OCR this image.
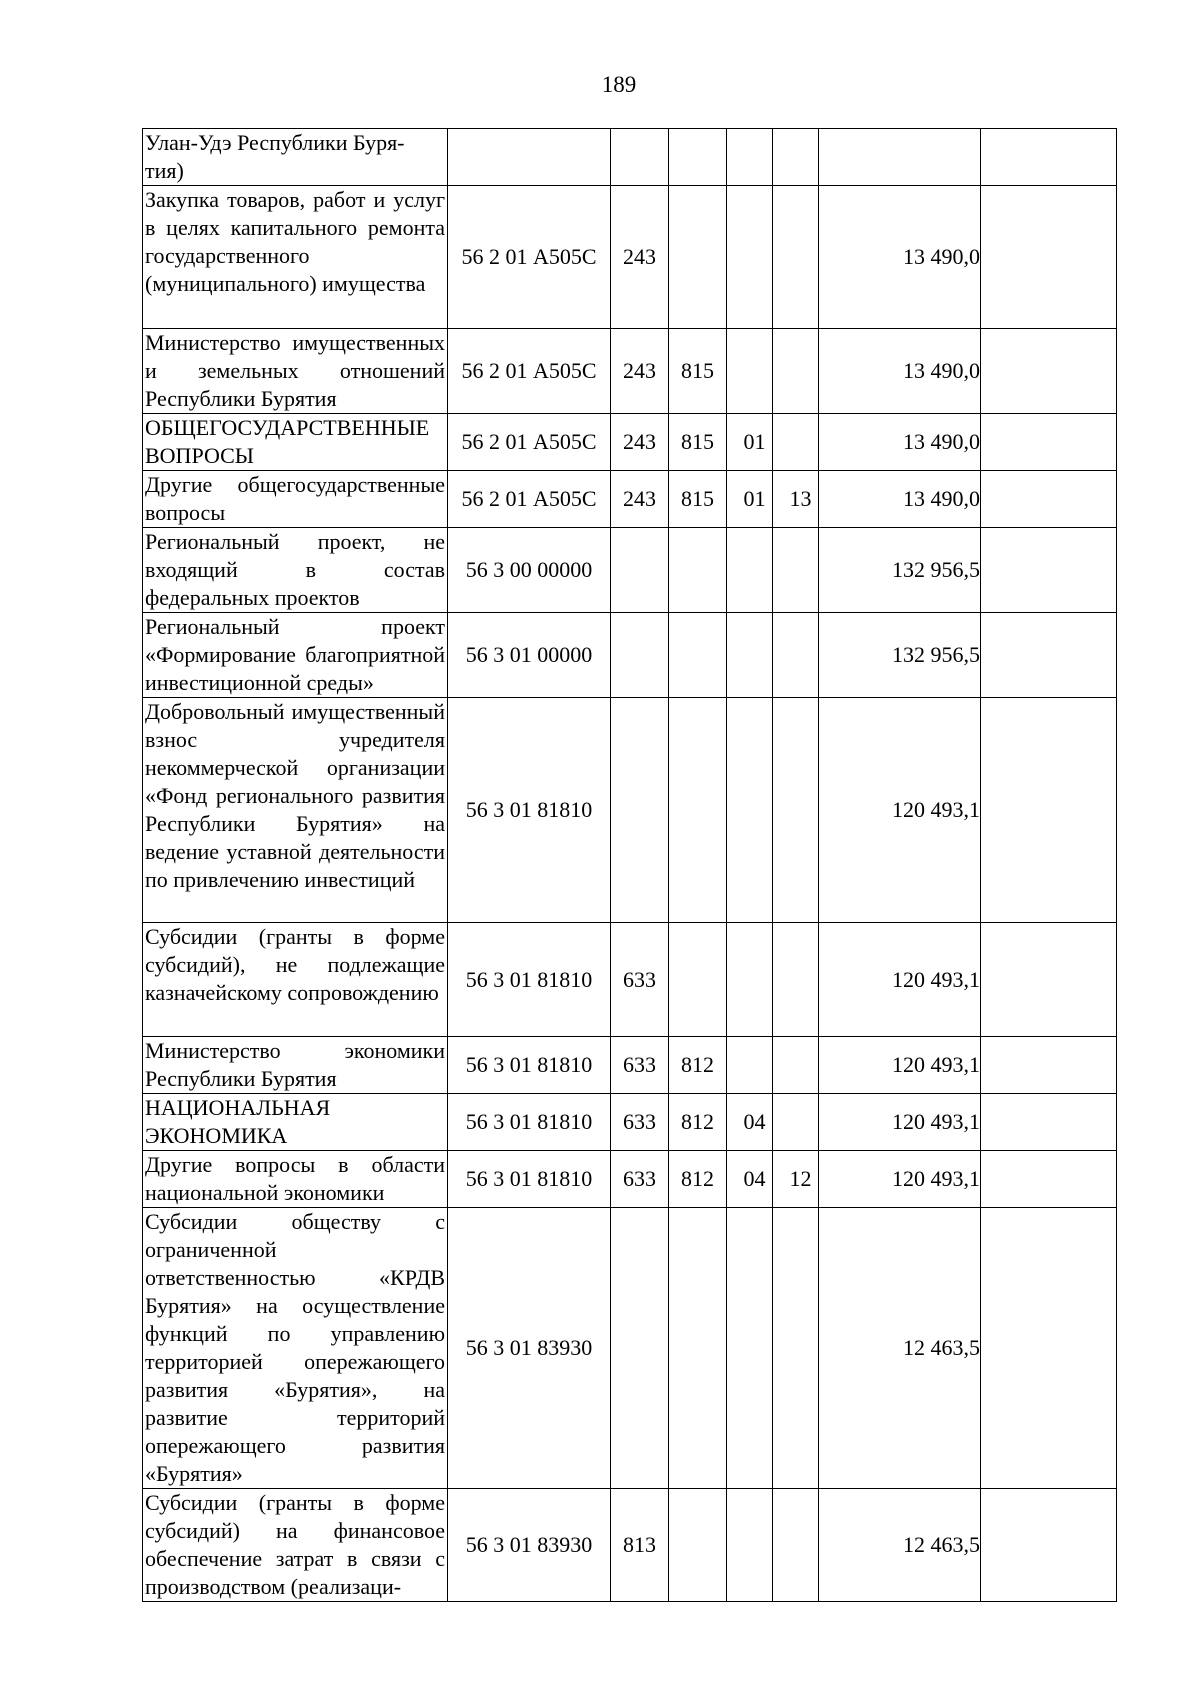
189
Улан-Удэ Республики Буря-
тия)							
Закупка товаров, работ и услуг в целях капитального ремонта государственного (муниципального) имущества	56 2 01 А505С	243				13 490,0	
Министерство имущественных и земельных отношений Республики Бурятия	56 2 01 А505С	243	815			13 490,0	
ОБЩЕГОСУДАРСТВЕННЫЕ ВОПРОСЫ	56 2 01 А505С	243	815	01		13 490,0	
Другие общегосударственные вопросы	56 2 01 А505С	243	815	01	13	13 490,0	
Региональный проект, не входящий в состав федеральных проектов	56 3 00 00000					132 956,5	
Региональный проект «Формирование благоприятной инвестиционной среды»	56 3 01 00000					132 956,5	
Добровольный имущественный взнос учредителя некоммерческой организации «Фонд регионального развития Республики Бурятия» на ведение уставной деятельности по привлечению инвестиций	56 3 01 81810					120 493,1	
Субсидии (гранты в форме субсидий), не подлежащие казначейскому сопровождению	56 3 01 81810	633				120 493,1	
Министерство экономики Республики Бурятия	56 3 01 81810	633	812			120 493,1	
НАЦИОНАЛЬНАЯ ЭКОНОМИКА	56 3 01 81810	633	812	04		120 493,1	
Другие вопросы в области национальной экономики	56 3 01 81810	633	812	04	12	120 493,1	
Субсидии обществу с ограниченной ответственностью «КРДВ Бурятия» на осуществление функций по управлению территорией опережающего развития «Бурятия», на развитие территорий опережающего развития «Бурятия»	56 3 01 83930					12 463,5	
Субсидии (гранты в форме субсидий) на финансовое обеспечение затрат в связи с производством (реализаци-	56 3 01 83930	813				12 463,5	
